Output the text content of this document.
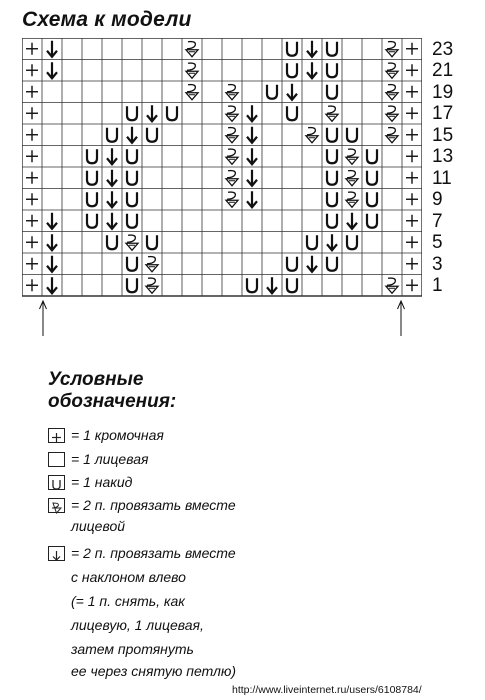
Схема к модели
23
21
19
17
15
13
11
9
7
5
3
1
Условные
обозначения:
= 1 кромочная
= 1 лицевая
= 1 накид
= 2 п. провязать вместе
лицевой
= 2 п. провязать вместе
с наклоном влево
(= 1 п. снять, как
лицевую, 1 лицевая,
затем протянуть
ее через снятую петлю)
http://www.liveinternet.ru/users/6108784/
